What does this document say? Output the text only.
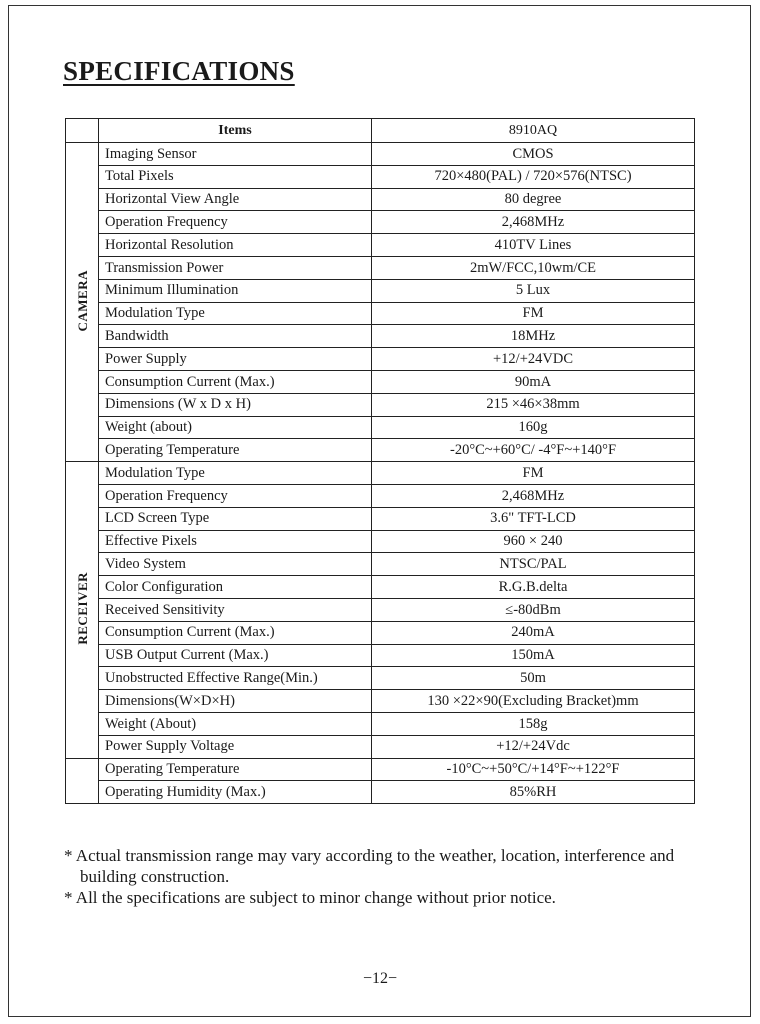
SPECIFICATIONS
	Items	8910AQ
CAMERA	Imaging Sensor	CMOS
	Total Pixels	720×480(PAL) / 720×576(NTSC)
	Horizontal View Angle	80 degree
	Operation Frequency	2,468MHz
	Horizontal Resolution	410TV Lines
	Transmission Power	2mW/FCC,10wm/CE
	Minimum Illumination	5 Lux
	Modulation Type	FM
	Bandwidth	18MHz
	Power Supply	+12/+24VDC
	Consumption Current (Max.)	90mA
	Dimensions (W x D x H)	215 ×46×38mm
	Weight (about)	160g
	Operating Temperature	-20°C~+60°C/ -4°F~+140°F
RECEIVER	Modulation Type	FM
	Operation Frequency	2,468MHz
	LCD Screen Type	3.6" TFT-LCD
	Effective Pixels	960 × 240
	Video System	NTSC/PAL
	Color Configuration	R.G.B.delta
	Received Sensitivity	≤-80dBm
	Consumption Current (Max.)	240mA
	USB Output Current (Max.)	150mA
	Unobstructed Effective Range(Min.)	50m
	Dimensions(W×D×H)	130 ×22×90(Excluding Bracket)mm
	Weight (About)	158g
	Power Supply Voltage	+12/+24Vdc
	Operating Temperature	-10°C~+50°C/+14°F~+122°F
	Operating Humidity (Max.)	85%RH
* Actual transmission range may vary according to the weather, location, interference and building construction.
* All the specifications are subject to minor change without prior notice.
−12−
